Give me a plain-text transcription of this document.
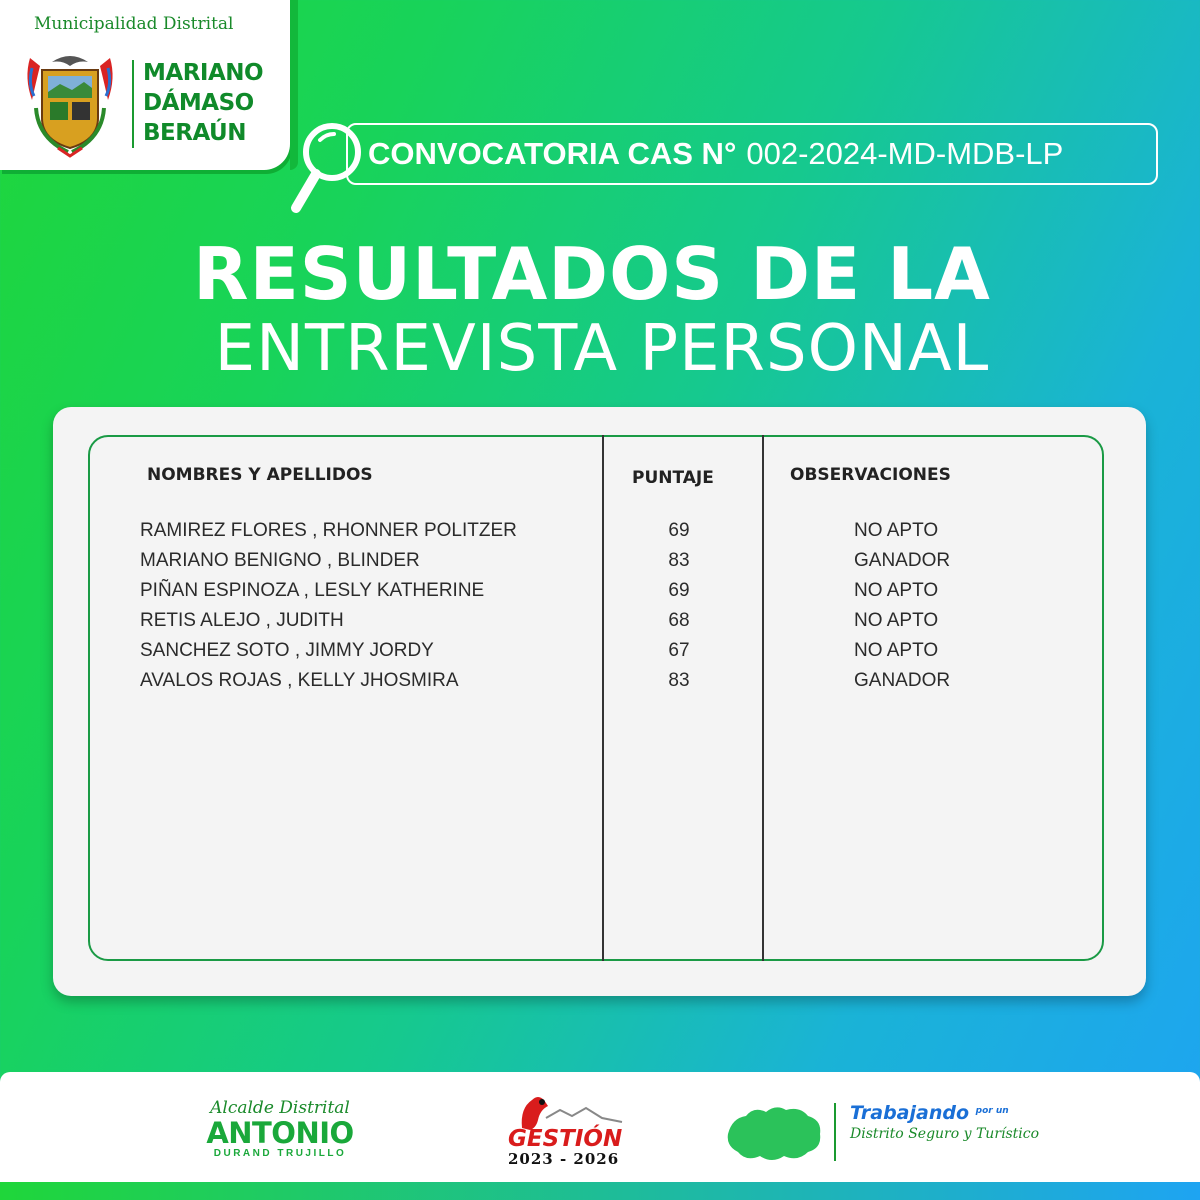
Municipalidad Distrital
MARIANO
DÁMASO
BERAÚN
CONVOCATORIA CAS N° 002-2024-MD-MDB-LP
RESULTADOS DE LA
ENTREVISTA PERSONAL
NOMBRES Y APELLIDOS	PUNTAJE	OBSERVACIONES
RAMIREZ FLORES , RHONNER POLITZER	69	NO APTO
MARIANO BENIGNO , BLINDER	83	GANADOR
PIÑAN ESPINOZA , LESLY KATHERINE	69	NO APTO
RETIS ALEJO , JUDITH	68	NO APTO
SANCHEZ SOTO , JIMMY JORDY	67	NO APTO
AVALOS ROJAS , KELLY JHOSMIRA	83	GANADOR
Alcalde Distrital
ANTONIO
DURAND TRUJILLO
GESTIÓN
2023 - 2026
Trabajando $^{por un}$
Distrito Seguro y Turístico
